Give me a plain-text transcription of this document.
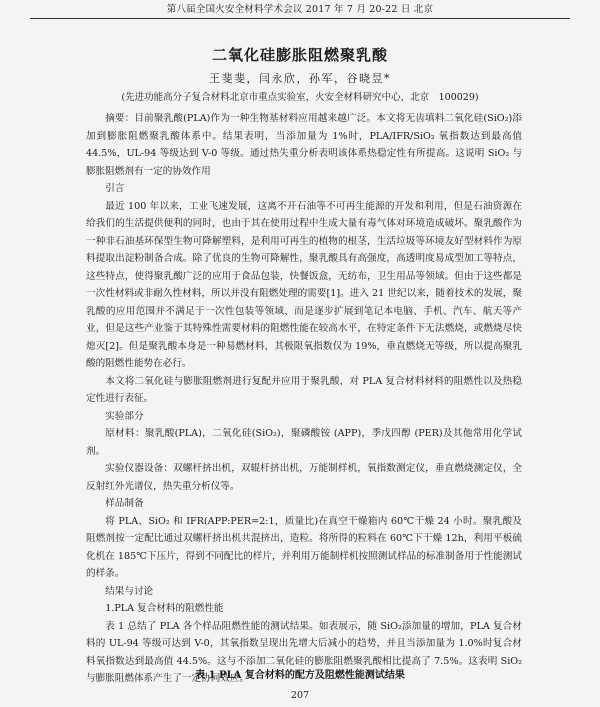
第八届全国火安全材料学术会议 2017 年 7 月 20-22 日 北京
二氧化硅膨胀阻燃聚乳酸
王斐斐，闫永欣，孙军，谷晓昱*
(先进功能高分子复合材料北京市重点实验室，火安全材料研究中心，北京　100029)

摘要：目前聚乳酸(PLA)作为一种生物基材料应用越来越广泛。本文将无齿填料二氧化硅(SiO₂)添加到膨胀阻燃聚乳酸体系中。结果表明，当添加量为 1%时，PLA/IFR/SiO₂ 氧指数达到最高值 44.5%，UL-94 等级达到 V-0 等级。通过热失重分析表明该体系热稳定性有所提高。这说明 SiO₂ 与膨胀阻燃剂有一定的协效作用

引言

最近 100 年以来，工业飞速发展，这离不开石油等不可再生能源的开发和利用，但是石油资源在给我们的生活提供便利的同时，也由于其在使用过程中生成大量有毒气体对环境造成破坏。聚乳酸作为一种非石油基环保型生物可降解塑料，是利用可再生的植物的根茎，生活垃圾等环境友好型材料作为原料提取出淀粉制备合成。除了优良的生物可降解性，聚乳酸具有高强度，高透明度易成型加工等特点，这些特点，使得聚乳酸广泛的应用于食品包装，快餐饭盒，无纺布，卫生用品等领域。但由于这些都是一次性材料或非耐久性材料，所以并没有阻燃处理的需要[1]。进入 21 世纪以来，随着技术的发展，聚乳酸的应用范围并不满足于一次性包装等领域，而是逐步扩展到笔记本电脑、手机、汽车、航天等产业，但是这些产业鉴于其特殊性需要材料的阻燃性能在较高水平，在特定条件下无法燃烧，或燃烧尽快熄灭[2]。但是聚乳酸本身是一种易燃材料，其极限氧指数仅为 19%，垂直燃烧无等级，所以提高聚乳酸的阻燃性能势在必行。

本文将二氧化硅与膨胀阻燃剂进行复配并应用于聚乳酸，对 PLA 复合材料材料的阻燃性以及热稳定性进行表征。

实验部分

原材料：聚乳酸(PLA)，二氧化硅(SiO₂)，聚磷酸铵 (APP)，季戊四醇 (PER)及其他常用化学试剂。

实验仪器设备：双螺杆挤出机，双辊杆挤出机，万能制样机，氧指数测定仪，垂直燃烧测定仪，全反射红外光谱仪，热失重分析仪等。

样品制备

将 PLA、SiO₂ 和 IFR(APP:PER=2:1，质量比)在真空干燥箱内 60℃干燥 24 小时。聚乳酸及阻燃剂按一定配比通过双螺杆挤出机共混挤出，造粒。将所得的粒料在 60℃下干燥 12h，利用平板硫化机在 185℃下压片，得到不同配比的样片，并利用万能制样机按照测试样品的标准制备用于性能测试的样条。

结果与讨论

1.PLA 复合材料的阻燃性能

表 1 总结了 PLA 各个样品阻燃性能的测试结果。如表展示，随 SiO₂添加量的增加，PLA 复合材料的 UL-94 等级可达到 V-0，其氧指数呈现出先增大后减小的趋势，并且当添加量为 1.0%时复合材料氧指数达到最高值 44.5%。这与不添加二氧化硅的膨胀阻燃聚乳酸相比提高了 7.5%。这表明 SiO₂ 与膨胀阻燃体系产生了一定协同效应。

表 1 PLA 复合材料的配方及阻燃性能测试结果
207
